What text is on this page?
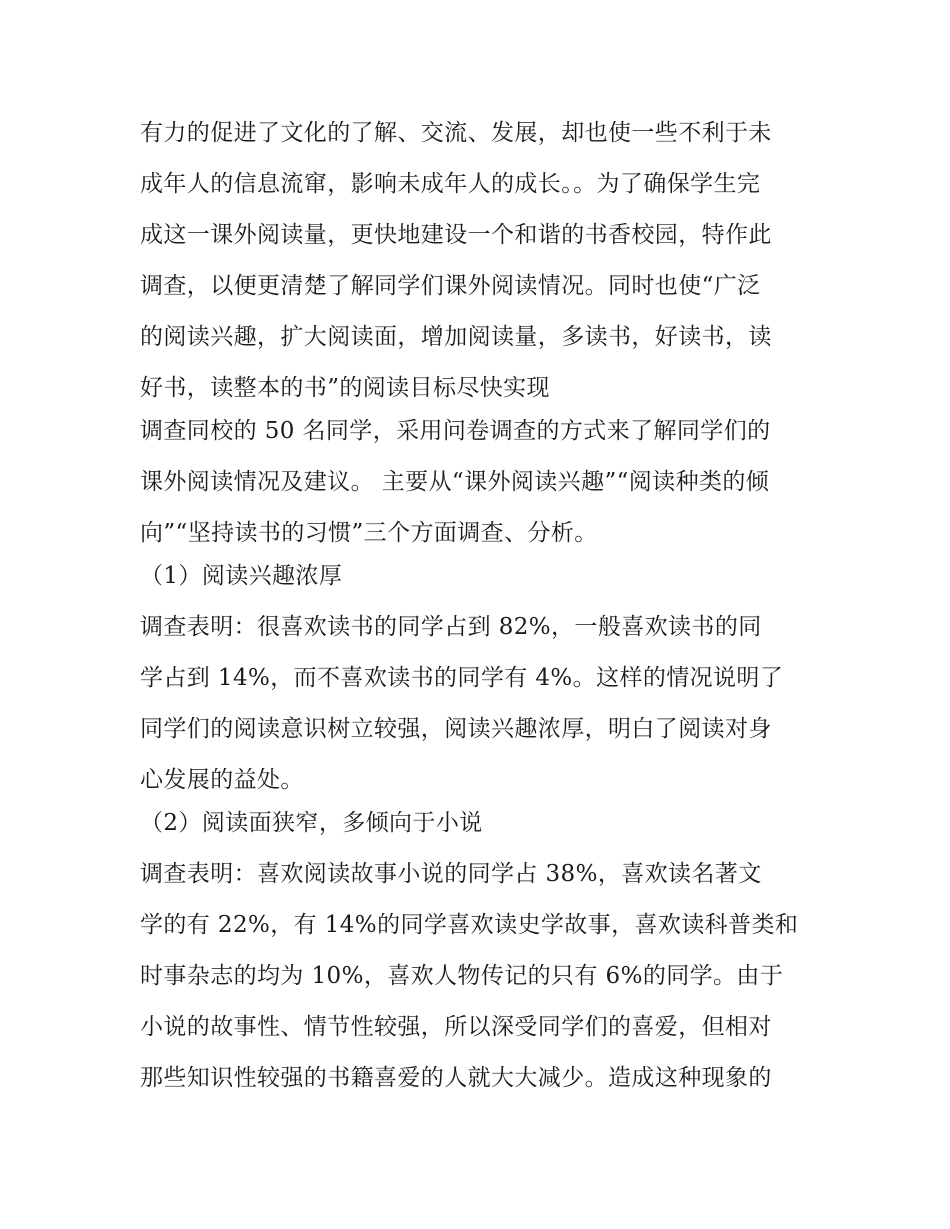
有力的促进了文化的了解、交流、发展，却也使一些不利于未
成年人的信息流窜，影响未成年人的成长。。为了确保学生完
成这一课外阅读量，更快地建设一个和谐的书香校园，特作此
调查，以便更清楚了解同学们课外阅读情况。同时也使“广泛
的阅读兴趣，扩大阅读面，增加阅读量，多读书，好读书，读
好书，读整本的书”的阅读目标尽快实现
调查同校的 50 名同学，采用问卷调查的方式来了解同学们的
课外阅读情况及建议。 主要从“课外阅读兴趣”“阅读种类的倾
向”“坚持读书的习惯”三个方面调查、分析。
（1）阅读兴趣浓厚
调查表明：很喜欢读书的同学占到 82%，一般喜欢读书的同
学占到 14%，而不喜欢读书的同学有 4%。这样的情况说明了
同学们的阅读意识树立较强，阅读兴趣浓厚，明白了阅读对身
心发展的益处。
（2）阅读面狭窄，多倾向于小说
调查表明：喜欢阅读故事小说的同学占 38%，喜欢读名著文
学的有 22%，有 14%的同学喜欢读史学故事，喜欢读科普类和
时事杂志的均为 10%，喜欢人物传记的只有 6%的同学。由于
小说的故事性、情节性较强，所以深受同学们的喜爱，但相对
那些知识性较强的书籍喜爱的人就大大减少。造成这种现象的
